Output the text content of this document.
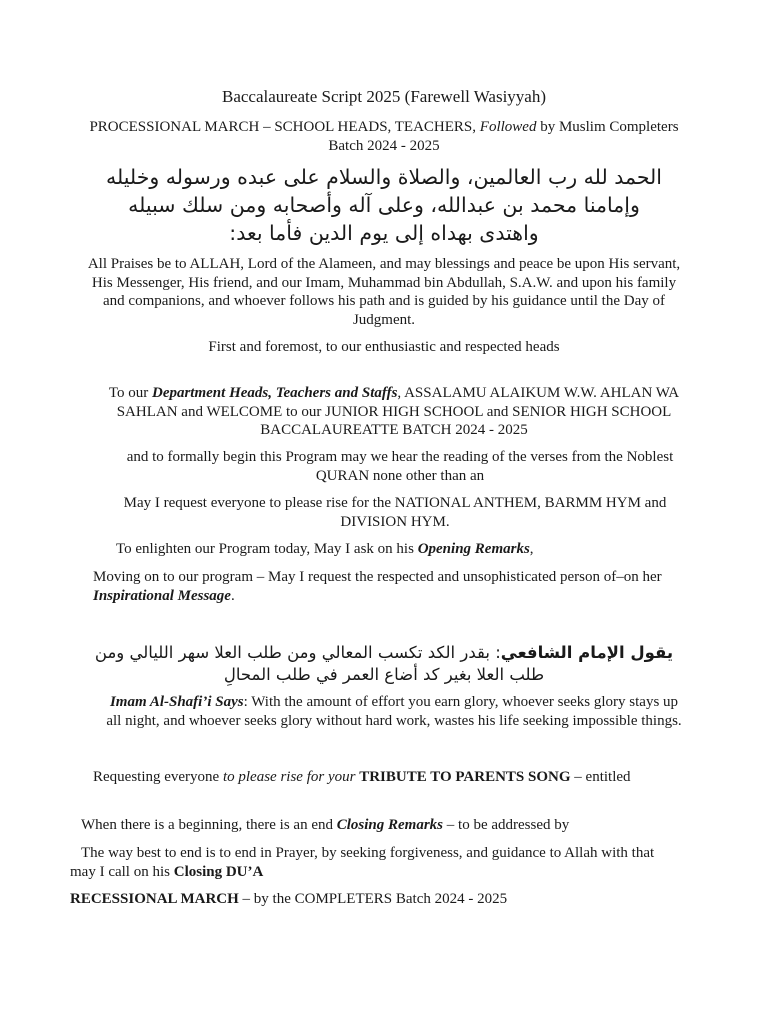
Baccalaureate Script 2025 (Farewell Wasiyyah)
PROCESSIONAL MARCH – SCHOOL HEADS, TEACHERS, Followed by Muslim Completers
Batch 2024 - 2025
الحمد لله رب العالمين، والصلاة والسلام على عبده ورسوله وخليله
وإمامنا محمد بن عبدالله، وعلى آله وأصحابه ومن سلك سبيله
واهتدى بهداه إلى يوم الدين فأما بعد:
All Praises be to ALLAH, Lord of the Alameen, and may blessings and peace be upon His servant,
His Messenger, His friend, and our Imam, Muhammad bin Abdullah, S.A.W. and upon his family
and companions, and whoever follows his path and is guided by his guidance until the Day of
Judgment.
First and foremost, to our enthusiastic and respected heads
To our Department Heads, Teachers and Staffs, ASSALAMU ALAIKUM W.W. AHLAN WA
SAHLAN and WELCOME to our JUNIOR HIGH SCHOOL and SENIOR HIGH SCHOOL
BACCALAUREATTE BATCH 2024 - 2025
and to formally begin this Program may we hear the reading of the verses from the Noblest
QURAN none other than an
May I request everyone to please rise for the NATIONAL ANTHEM, BARMM HYM and
DIVISION HYM.
To enlighten our Program today, May I ask on his Opening Remarks,
Moving on to our program – May I request the respected and unsophisticated person of–on her
Inspirational Message.
يقول الإمام الشافعي: بقدر الكد تكسب المعالي ومن طلب العلا سهر الليالي ومن
طلب العلا بغير كد أضاع العمر في طلب المحالِ
Imam Al-Shafi’i Says: With the amount of effort you earn glory, whoever seeks glory stays up
all night, and whoever seeks glory without hard work, wastes his life seeking impossible things.
Requesting everyone to please rise for your TRIBUTE TO PARENTS SONG – entitled
When there is a beginning, there is an end Closing Remarks – to be addressed by
The way best to end is to end in Prayer, by seeking forgiveness, and guidance to Allah with that
may I call on his Closing DU’A
RECESSIONAL MARCH – by the COMPLETERS Batch 2024 - 2025
